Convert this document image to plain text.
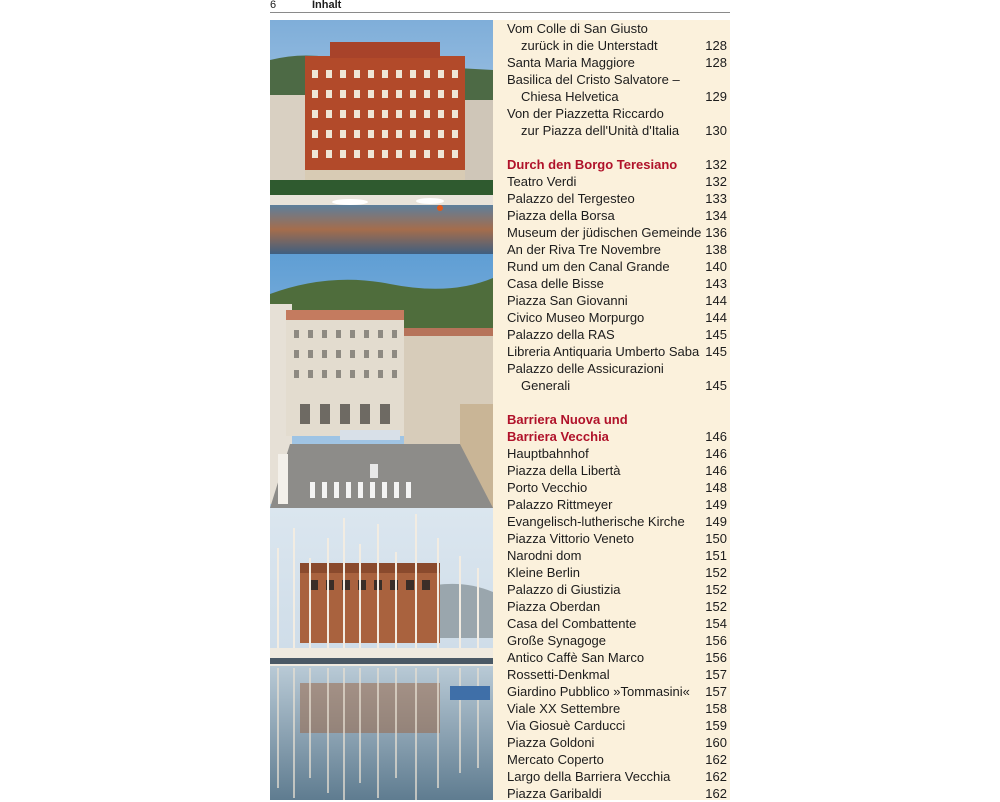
6	Inhalt
Vom Colle di San Giusto
zurück in die Unterstadt	128
Santa Maria Maggiore	128
Basilica del Cristo Salvatore –
Chiesa Helvetica	129
Von der Piazzetta Riccardo
zur Piazza dell'Unità d'Italia 130
Durch den Borgo Teresiano 132
Teatro Verdi	132
Palazzo del Tergesteo	133
Piazza della Borsa	134
Museum der jüdischen Gemeinde 136
An der Riva Tre Novembre	138
Rund um den Canal Grande	140
Casa delle Bisse	143
Piazza San Giovanni	144
Civico Museo Morpurgo	144
Palazzo della RAS	145
Libreria Antiquaria Umberto Saba 145
Palazzo delle Assicurazioni
Generali	145
Barriera Nuova und
Barriera Vecchia	146
Hauptbahnhof	146
Piazza della Libertà	146
Porto Vecchio	148
Palazzo Rittmeyer	149
Evangelisch-lutherische Kirche 149
Piazza Vittorio Veneto	150
Narodni dom	151
Kleine Berlin	152
Palazzo di Giustizia	152
Piazza Oberdan	152
Casa del Combattente	154
Große Synagoge	156
Antico Caffè San Marco	156
Rossetti-Denkmal	157
Giardino Pubblico »Tommasini« 157
Viale XX Settembre	158
Via Giosuè Carducci	159
Piazza Goldoni	160
Mercato Coperto	162
Largo della Barriera Vecchia	162
Piazza Garibaldi	162
